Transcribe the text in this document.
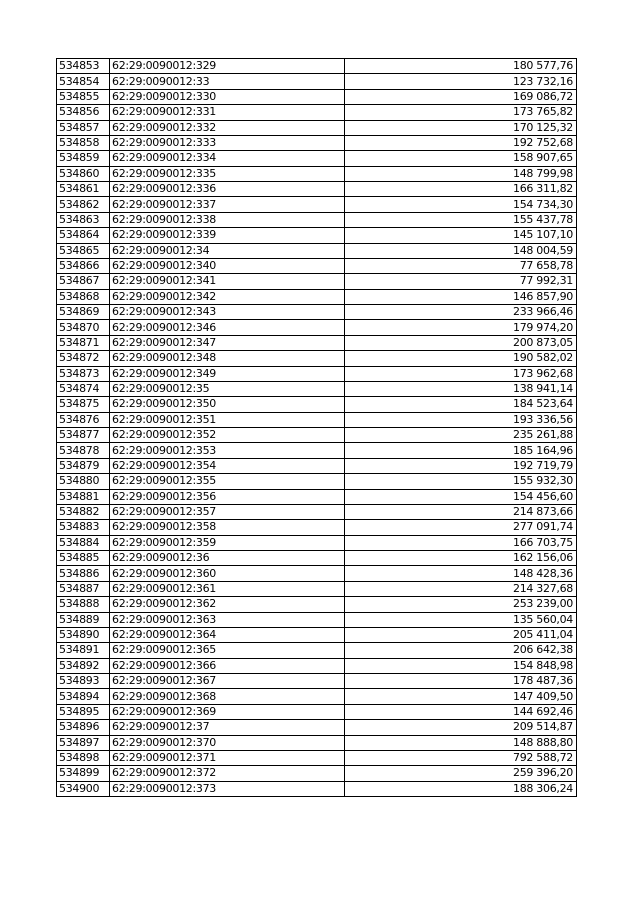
534853	62:29:0090012:329	180 577,76
534854	62:29:0090012:33	123 732,16
534855	62:29:0090012:330	169 086,72
534856	62:29:0090012:331	173 765,82
534857	62:29:0090012:332	170 125,32
534858	62:29:0090012:333	192 752,68
534859	62:29:0090012:334	158 907,65
534860	62:29:0090012:335	148 799,98
534861	62:29:0090012:336	166 311,82
534862	62:29:0090012:337	154 734,30
534863	62:29:0090012:338	155 437,78
534864	62:29:0090012:339	145 107,10
534865	62:29:0090012:34	148 004,59
534866	62:29:0090012:340	77 658,78
534867	62:29:0090012:341	77 992,31
534868	62:29:0090012:342	146 857,90
534869	62:29:0090012:343	233 966,46
534870	62:29:0090012:346	179 974,20
534871	62:29:0090012:347	200 873,05
534872	62:29:0090012:348	190 582,02
534873	62:29:0090012:349	173 962,68
534874	62:29:0090012:35	138 941,14
534875	62:29:0090012:350	184 523,64
534876	62:29:0090012:351	193 336,56
534877	62:29:0090012:352	235 261,88
534878	62:29:0090012:353	185 164,96
534879	62:29:0090012:354	192 719,79
534880	62:29:0090012:355	155 932,30
534881	62:29:0090012:356	154 456,60
534882	62:29:0090012:357	214 873,66
534883	62:29:0090012:358	277 091,74
534884	62:29:0090012:359	166 703,75
534885	62:29:0090012:36	162 156,06
534886	62:29:0090012:360	148 428,36
534887	62:29:0090012:361	214 327,68
534888	62:29:0090012:362	253 239,00
534889	62:29:0090012:363	135 560,04
534890	62:29:0090012:364	205 411,04
534891	62:29:0090012:365	206 642,38
534892	62:29:0090012:366	154 848,98
534893	62:29:0090012:367	178 487,36
534894	62:29:0090012:368	147 409,50
534895	62:29:0090012:369	144 692,46
534896	62:29:0090012:37	209 514,87
534897	62:29:0090012:370	148 888,80
534898	62:29:0090012:371	792 588,72
534899	62:29:0090012:372	259 396,20
534900	62:29:0090012:373	188 306,24
